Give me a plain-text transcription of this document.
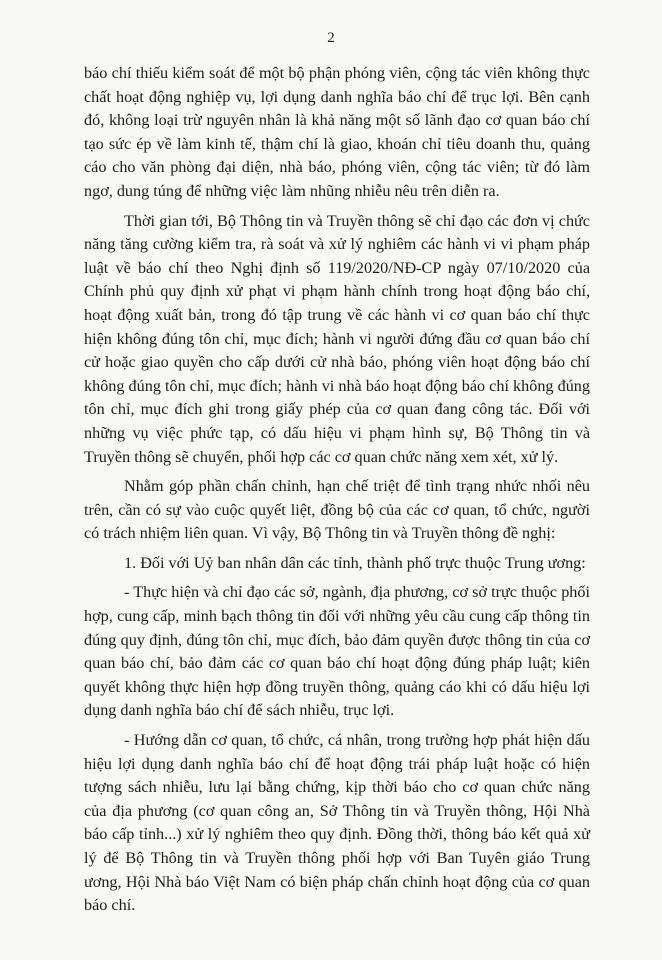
2

báo chí thiếu kiểm soát để một bộ phận phóng viên, cộng tác viên không thực chất hoạt động nghiệp vụ, lợi dụng danh nghĩa báo chí để trục lợi. Bên cạnh đó, không loại trừ nguyên nhân là khả năng một số lãnh đạo cơ quan báo chí tạo sức ép về làm kinh tế, thậm chí là giao, khoán chỉ tiêu doanh thu, quảng cáo cho văn phòng đại diện, nhà báo, phóng viên, cộng tác viên; từ đó làm ngơ, dung túng để những việc làm nhũng nhiễu nêu trên diễn ra.

Thời gian tới, Bộ Thông tin và Truyền thông sẽ chỉ đạo các đơn vị chức năng tăng cường kiểm tra, rà soát và xử lý nghiêm các hành vi vi phạm pháp luật về báo chí theo Nghị định số 119/2020/NĐ-CP ngày 07/10/2020 của Chính phủ quy định xử phạt vi phạm hành chính trong hoạt động báo chí, hoạt động xuất bản, trong đó tập trung về các hành vi cơ quan báo chí thực hiện không đúng tôn chỉ, mục đích; hành vi người đứng đầu cơ quan báo chí cử hoặc giao quyền cho cấp dưới cử nhà báo, phóng viên hoạt động báo chí không đúng tôn chỉ, mục đích; hành vi nhà báo hoạt động báo chí không đúng tôn chỉ, mục đích ghi trong giấy phép của cơ quan đang công tác. Đối với những vụ việc phức tạp, có dấu hiệu vi phạm hình sự, Bộ Thông tin và Truyền thông sẽ chuyển, phối hợp các cơ quan chức năng xem xét, xử lý.

Nhằm góp phần chấn chỉnh, hạn chế triệt để tình trạng nhức nhối nêu trên, cần có sự vào cuộc quyết liệt, đồng bộ của các cơ quan, tổ chức, người có trách nhiệm liên quan. Vì vậy, Bộ Thông tin và Truyền thông đề nghị:

1. Đối với Uỷ ban nhân dân các tỉnh, thành phố trực thuộc Trung ương:

- Thực hiện và chỉ đạo các sở, ngành, địa phương, cơ sở trực thuộc phối hợp, cung cấp, minh bạch thông tin đối với những yêu cầu cung cấp thông tin đúng quy định, đúng tôn chỉ, mục đích, bảo đảm quyền được thông tin của cơ quan báo chí, bảo đảm các cơ quan báo chí hoạt động đúng pháp luật; kiên quyết không thực hiện hợp đồng truyền thông, quảng cáo khi có dấu hiệu lợi dụng danh nghĩa báo chí để sách nhiễu, trục lợi.

- Hướng dẫn cơ quan, tổ chức, cá nhân, trong trường hợp phát hiện dấu hiệu lợi dụng danh nghĩa báo chí để hoạt động trái pháp luật hoặc có hiện tượng sách nhiễu, lưu lại bằng chứng, kịp thời báo cho cơ quan chức năng của địa phương (cơ quan công an, Sở Thông tin và Truyền thông, Hội Nhà báo cấp tỉnh...) xử lý nghiêm theo quy định. Đồng thời, thông báo kết quả xử lý để Bộ Thông tin và Truyền thông phối hợp với Ban Tuyên giáo Trung ương, Hội Nhà báo Việt Nam có biện pháp chấn chỉnh hoạt động của cơ quan báo chí.
